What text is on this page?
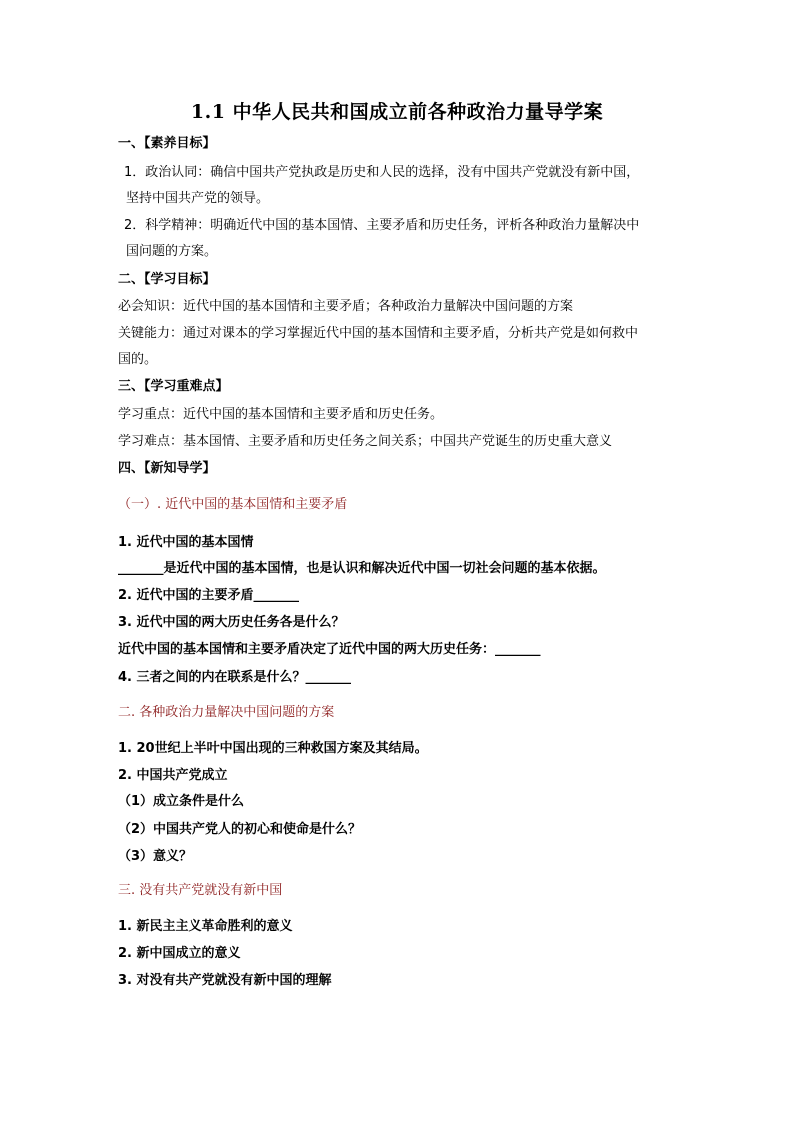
1.1 中华人民共和国成立前各种政治力量导学案
一、【素养目标】
1．政治认同：确信中国共产党执政是历史和人民的选择，没有中国共产党就没有新中国，
坚持中国共产党的领导。
2．科学精神：明确近代中国的基本国情、主要矛盾和历史任务，评析各种政治力量解决中
国问题的方案。
二、【学习目标】
必会知识：近代中国的基本国情和主要矛盾；各种政治力量解决中国问题的方案
关键能力：通过对课本的学习掌握近代中国的基本国情和主要矛盾，分析共产党是如何救中
国的。
三、【学习重难点】
学习重点：近代中国的基本国情和主要矛盾和历史任务。
学习难点：基本国情、主要矛盾和历史任务之间关系；中国共产党诞生的历史重大意义
四、【新知导学】
（一）. 近代中国的基本国情和主要矛盾
1. 近代中国的基本国情
_______是近代中国的基本国情，也是认识和解决近代中国一切社会问题的基本依据。
2. 近代中国的主要矛盾_______
3. 近代中国的两大历史任务各是什么？
近代中国的基本国情和主要矛盾决定了近代中国的两大历史任务：_______
4. 三者之间的内在联系是什么？_______
二. 各种政治力量解决中国问题的方案
1. 20世纪上半叶中国出现的三种救国方案及其结局。
2. 中国共产党成立
（1）成立条件是什么
（2）中国共产党人的初心和使命是什么？
（3）意义？
三. 没有共产党就没有新中国
1. 新民主主义革命胜利的意义
2. 新中国成立的意义
3. 对没有共产党就没有新中国的理解
